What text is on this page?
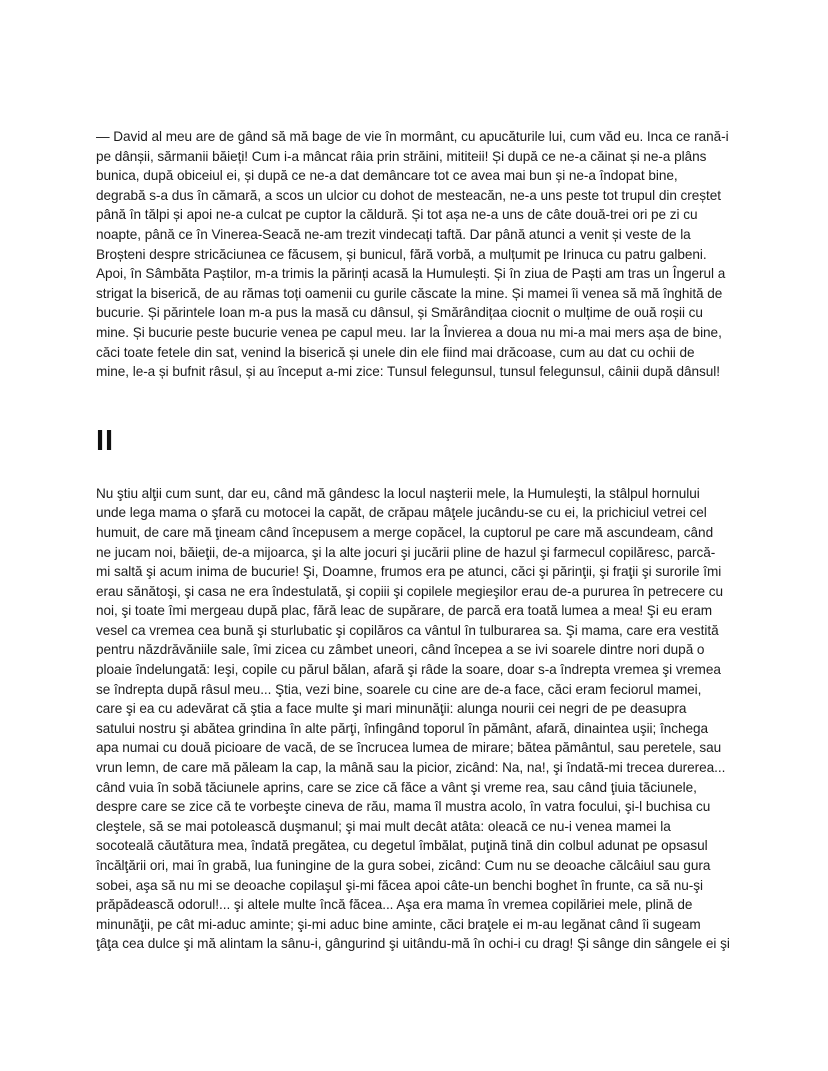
— David al meu are de gând să mă bage de vie în mormânt, cu apucăturile lui, cum văd eu. Inca ce rană-i
pe dânșii, sărmanii băieți! Cum i-a mâncat râia prin străini, mititeii! Și după ce ne-a căinat și ne-a plâns
bunica, după obiceiul ei, și după ce ne-a dat demâncare tot ce avea mai bun și ne-a îndopat bine,
degrabă s-a dus în cămară, a scos un ulcior cu dohot de mesteacăn, ne-a uns peste tot trupul din creștet
până în tălpi și apoi ne-a culcat pe cuptor la căldură. Și tot așa ne-a uns de câte două-trei ori pe zi cu
noapte, până ce în Vinerea-Seacă ne-am trezit vindecați taftă. Dar până atunci a venit și veste de la
Broșteni despre stricăciunea ce făcusem, și bunicul, fără vorbă, a mulțumit pe Irinuca cu patru galbeni.
Apoi, în Sâmbăta Paștilor, m-a trimis la părinți acasă la Humulești. Și în ziua de Paști am tras un Îngerul a
strigat la biserică, de au rămas toți oamenii cu gurile căscate la mine. Și mamei îi venea să mă înghită de
bucurie. Și părintele Ioan m-a pus la masă cu dânsul, și Smărândițaa ciocnit o mulțime de ouă roșii cu
mine. Și bucurie peste bucurie venea pe capul meu. Iar la Învierea a doua nu mi-a mai mers așa de bine,
căci toate fetele din sat, venind la biserică și unele din ele fiind mai drăcoase, cum au dat cu ochii de
mine, le-a și bufnit râsul, și au început a-mi zice: Tunsul felegunsul, tunsul felegunsul, câinii după dânsul!
II
Nu ştiu alţii cum sunt, dar eu, când mă gândesc la locul naşterii mele, la Humuleşti, la stâlpul hornului
unde lega mama o şfară cu motocei la capăt, de crăpau mâţele jucându-se cu ei, la prichiciul vetrei cel
humuit, de care mă ţineam când începusem a merge copăcel, la cuptorul pe care mă ascundeam, când
ne jucam noi, băieţii, de-a mijoarca, şi la alte jocuri şi jucării pline de hazul şi farmecul copilăresc, parcă-
mi saltă şi acum inima de bucurie! Şi, Doamne, frumos era pe atunci, căci şi părinţii, şi fraţii şi surorile îmi
erau sănătoşi, şi casa ne era îndestulată, şi copiii şi copilele megieşilor erau de-a pururea în petrecere cu
noi, şi toate îmi mergeau după plac, fără leac de supărare, de parcă era toată lumea a mea! Şi eu eram
vesel ca vremea cea bună şi sturlubatic şi copilăros ca vântul în tulburarea sa. Şi mama, care era vestită
pentru năzdrăvăniile sale, îmi zicea cu zâmbet uneori, când începea a se ivi soarele dintre nori după o
ploaie îndelungată: Ieşi, copile cu părul bălan, afară şi râde la soare, doar s-a îndrepta vremea şi vremea
se îndrepta după râsul meu... Ştia, vezi bine, soarele cu cine are de-a face, căci eram feciorul mamei,
care şi ea cu adevărat că ştia a face multe şi mari minunăţii: alunga nourii cei negri de pe deasupra
satului nostru şi abătea grindina în alte părţi, înfingând toporul în pământ, afară, dinaintea uşii; închega
apa numai cu două picioare de vacă, de se încrucea lumea de mirare; bătea pământul, sau peretele, sau
vrun lemn, de care mă păleam la cap, la mână sau la picior, zicând: Na, na!, şi îndată-mi trecea durerea...
când vuia în sobă tăciunele aprins, care se zice că făce a vânt şi vreme rea, sau când ţiuia tăciunele,
despre care se zice că te vorbeşte cineva de rău, mama îl mustra acolo, în vatra focului, şi-l buchisa cu
cleştele, să se mai potolească duşmanul; şi mai mult decât atâta: oleacă ce nu-i venea mamei la
socoteală căutătura mea, îndată pregătea, cu degetul îmbălat, puţină tină din colbul adunat pe opsasul
încălţării ori, mai în grabă, lua funingine de la gura sobei, zicând: Cum nu se deoache călcâiul sau gura
sobei, aşa să nu mi se deoache copilaşul şi-mi făcea apoi câte-un benchi boghet în frunte, ca să nu-şi
prăpădească odorul!... şi altele multe încă făcea... Aşa era mama în vremea copilăriei mele, plină de
minunăţii, pe cât mi-aduc aminte; şi-mi aduc bine aminte, căci braţele ei m-au legănat când îi sugeam
ţâţa cea dulce şi mă alintam la sânu-i, gângurind şi uitându-mă în ochi-i cu drag! Şi sânge din sângele ei şi
